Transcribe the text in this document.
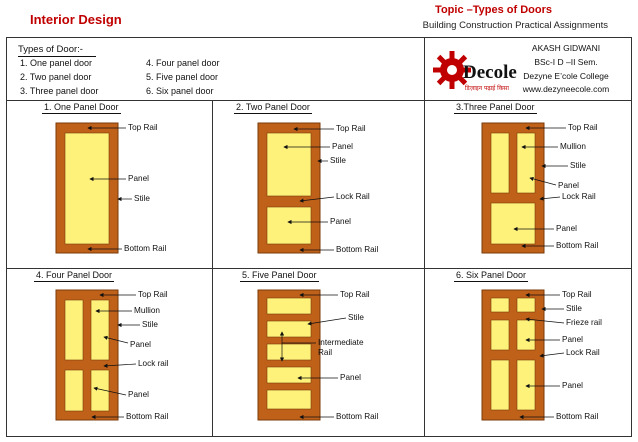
Interior Design
Topic –Types of Doors
Building Construction Practical Assignments
Types of Door:-
1. One panel door
2. Two panel door
3. Three panel door
4. Four panel door
5. Five panel door
6. Six panel door
Decole
डिज़ाइन पढ़ाई किसा
AKASH GIDWANI
BSc-I D –II Sem.
Dezyne E’cole College
www.dezyneecole.com
1. One Panel Door
Top Rail
Panel
Stile
Bottom Rail
2. Two Panel Door
Top Rail
Panel
Stile
Lock Rail
Panel
Bottom Rail
3.Three Panel Door
Top Rail
Mullion
Stile
Panel
Lock Rail
Panel
Bottom Rail
4. Four Panel Door
Top Rail
Mullion
Stile
Panel
Lock rail
Panel
Bottom Rail
5. Five Panel Door
Top Rail
Stile
Intermediate
Rail
Panel
Bottom Rail
6. Six Panel Door
Top Rail
Stile
Frieze rail
Panel
Lock Rail
Panel
Bottom Rail
